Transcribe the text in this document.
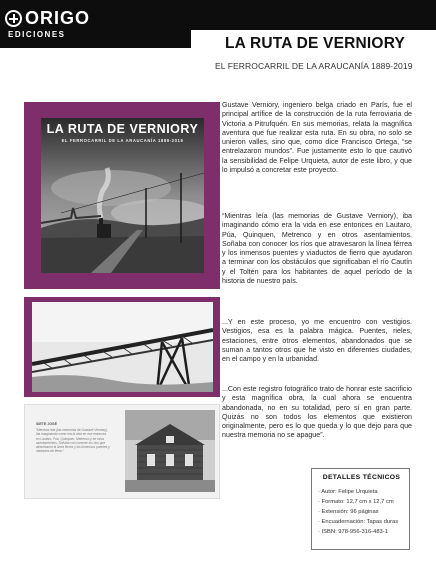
ORIGO
EDICIONES
LA RUTA DE VERNIORY
EL FERROCARRIL DE LA ARAUCANÍA 1889-2019
LA RUTA DE VERNIORY
EL FERROCARRIL DE LA ARAUCANÍA 1889-2019
SIETE JOSÉ
“Mientras leía (las memorias de Gustave Verniory), iba imaginando cómo era la vida en ese entonces en Lautaro, Púa, Quinquen, Metrenco y en otros asentamientos. Soñaba con conocer los ríos que atravesaron la línea férrea y los inmensos puentes y viaductos de fierro.”

Gustave Verniory, ingeniero belga criado en París, fue el principal artífice de la construcción de la ruta ferroviaria de Victoria a Pitrufquén. En sus memorias, relata la magnífica aventura que fue realizar esta ruta. En su obra, no solo se unieron valles, sino que, como dice Francisco Ortega, “se entrelazaron mundos”. Fue justamente esto lo que cautivó la sensibilidad de Felipe Urquieta, autor de este libro, y que lo impulsó a concretar este proyecto.

“Mientras leía (las memorias de Gustave Verniory), iba imaginando cómo era la vida en ese entonces en Lautaro, Púa, Quinquen, Metrenco y en otros asentamientos. Soñaba con conocer los ríos que atravesaron la línea férrea y los inmensos puentes y viaductos de fierro que ayudaron a terminar con los obstáculos que significaban el río Cautín y el Toltén para los habitantes de aquel período de la historia de nuestro país.

...Y en este proceso, yo me encuentro con vestigios. Vestigios, esa es la palabra mágica. Puentes, rieles, estaciones, entre otros elementos, abandonados que se suman a tantos otros que he visto en diferentes ciudades, en el campo y en la urbanidad.

...Con este registro fotográfico trato de honrar este sacrificio y esta magnífica obra, la cual ahora se encuentra abandonada, no en su totalidad, pero sí en gran parte. Quizás no son todos los elementos que existieron originalmente, pero es lo que queda y lo que dejo para que nuestra memoria no se apague”.

DETALLES TÉCNICOS
· Autor: Felipe Urquieta
· Formato: 12,7 cm x 12,7 cm
· Extensión: 96 páginas
· Encuadernación: Tapas duras
· ISBN: 978-956-316-483-1
